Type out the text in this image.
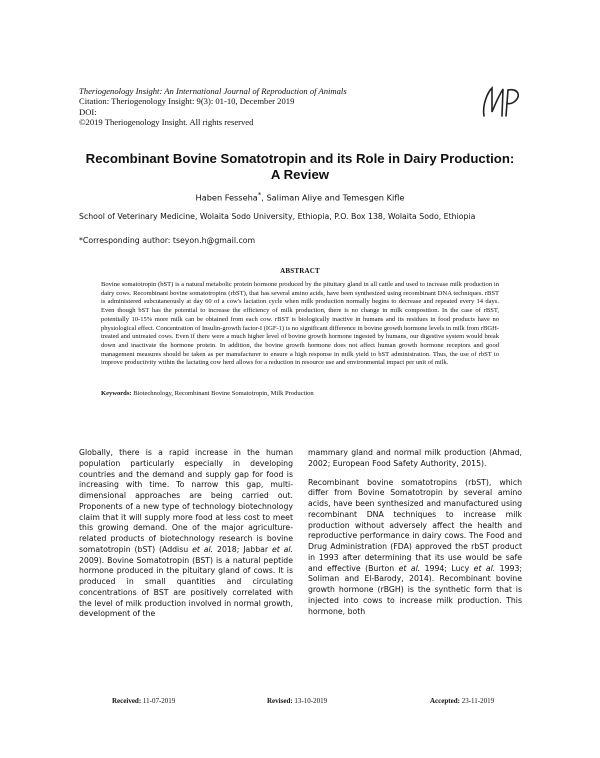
Theriogenology Insight: An International Journal of Reproduction of Animals
Citation: Theriogenology Insight: 9(3): 01-10, December 2019
DOI:
©2019 Theriogenology Insight. All rights reserved
Recombinant Bovine Somatotropin and its Role in Dairy Production:
A Review
Haben Fesseha*, Saliman Aliye and Temesgen Kifle
School of Veterinary Medicine, Wolaita Sodo University, Ethiopia, P.O. Box 138, Wolaita Sodo, Ethiopia
*Corresponding author: tseyon.h@gmail.com
ABSTRACT
Bovine somatotropin (bST) is a natural metabolic protein hormone produced by the pituitary gland in all cattle and used to increase milk production in dairy cows. Recombinant bovine somatotropins (rbST), that has several amino acids, have been synthesized using recombinant DNA techniques. rBST is administered subcutaneously at day 60 of a cow's lactation cycle when milk production normally begins to decrease and repeated every 14 days. Even though bST has the potential to increase the efficiency of milk production, there is no change in milk composition. In the case of rBST, potentially 10-15% more milk can be obtained from each cow. rBST is biologically inactive in humans and its residues in food products have no physiological effect. Concentration of Insulin-growth factor-I (IGF-1) is no significant difference in bovine growth hormone levels in milk from rBGH-treated and untreated cows. Even if there were a much higher level of bovine growth hormone ingested by humans, our digestive system would break down and inactivate the hormone protein. In addition, the bovine growth hormone does not affect human growth hormone receptors and good management measures should be taken as per manufacturer to ensure a high response in milk yield to bST administration. Thus, the use of rbST to improve productivity within the lactating cow herd allows for a reduction in resource use and environmental impact per unit of milk.
Keywords: Biotechnology, Recombinant Bovine Somatotropin, Milk Production

Globally, there is a rapid increase in the human population particularly especially in developing countries and the demand and supply gap for food is increasing with time. To narrow this gap, multi-dimensional approaches are being carried out. Proponents of a new type of technology biotechnology claim that it will supply more food at less cost to meet this growing demand. One of the major agriculture-related products of biotechnology research is bovine somatotropin (bST) (Addisu et al. 2018; Jabbar et al. 2009). Bovine Somatotropin (BST) is a natural peptide hormone produced in the pituitary gland of cows. It is produced in small quantities and circulating concentrations of BST are positively correlated with the level of milk production involved in normal growth, development of the

mammary gland and normal milk production (Ahmad, 2002; European Food Safety Authority, 2015).

Recombinant bovine somatotropins (rbST), which differ from Bovine Somatotropin by several amino acids, have been synthesized and manufactured using recombinant DNA techniques to increase milk production without adversely affect the health and reproductive performance in dairy cows. The Food and Drug Administration (FDA) approved the rbST product in 1993 after determining that its use would be safe and effective (Burton et al. 1994; Lucy et al. 1993; Soliman and El-Barody, 2014). Recombinant bovine growth hormone (rBGH) is the synthetic form that is injected into cows to increase milk production. This hormone, both

Received: 11-07-2019	Revised: 13-10-2019	Accepted: 23-11-2019
